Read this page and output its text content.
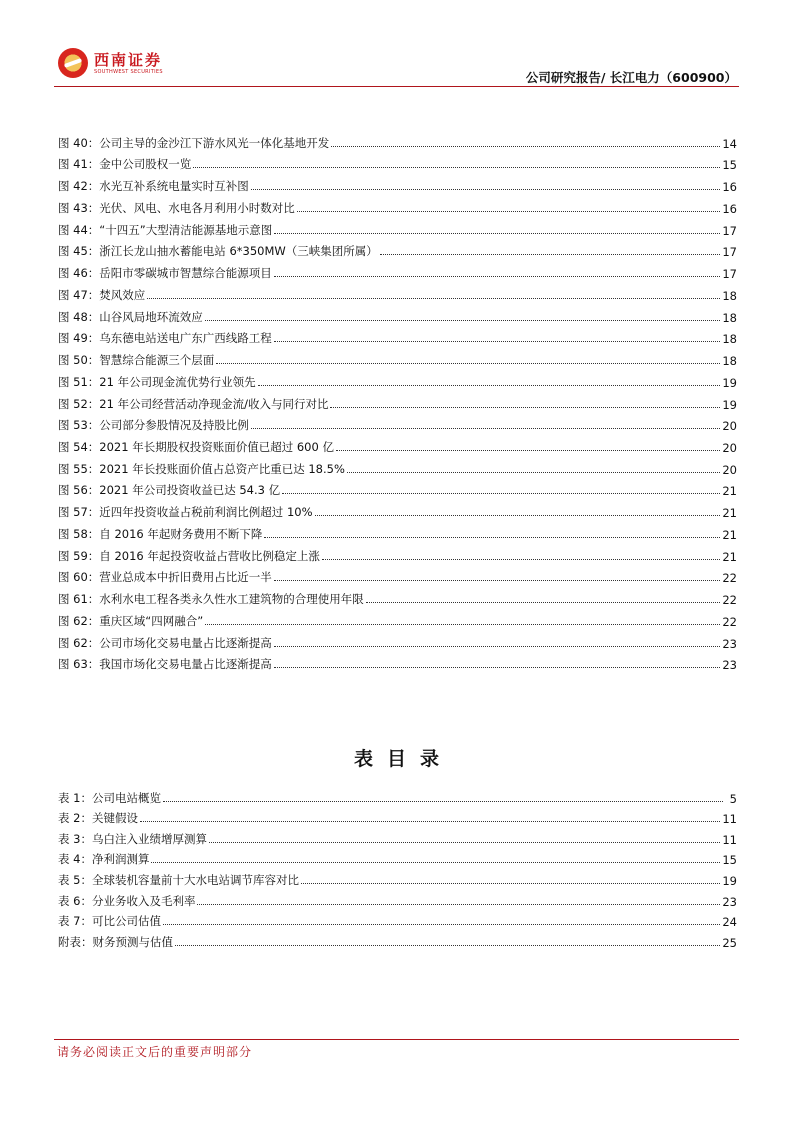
西南证券
SOUTHWEST SECURITIES	公司研究报告/ 长江电力（600900）
图 40：公司主导的金沙江下游水风光一体化基地开发	14
图 41：金中公司股权一览	15
图 42：水光互补系统电量实时互补图	16
图 43：光伏、风电、水电各月利用小时数对比	16
图 44：“十四五”大型清洁能源基地示意图	17
图 45：浙江长龙山抽水蓄能电站 6*350MW（三峡集团所属）	17
图 46：岳阳市零碳城市智慧综合能源项目	17
图 47：焚风效应	18
图 48：山谷风局地环流效应	18
图 49：乌东德电站送电广东广西线路工程	18
图 50：智慧综合能源三个层面	18
图 51：21 年公司现金流优势行业领先	19
图 52：21 年公司经营活动净现金流/收入与同行对比	19
图 53：公司部分参股情况及持股比例	20
图 54：2021 年长期股权投资账面价值已超过 600 亿	20
图 55：2021 年长投账面价值占总资产比重已达 18.5%	20
图 56：2021 年公司投资收益已达 54.3 亿	21
图 57：近四年投资收益占税前利润比例超过 10%	21
图 58：自 2016 年起财务费用不断下降	21
图 59：自 2016 年起投资收益占营收比例稳定上涨	21
图 60：营业总成本中折旧费用占比近一半	22
图 61：水利水电工程各类永久性水工建筑物的合理使用年限	22
图 62：重庆区域“四网融合”	22
图 62：公司市场化交易电量占比逐渐提高	23
图 63：我国市场化交易电量占比逐渐提高	23
表目录
表 1：公司电站概览	5
表 2：关键假设	11
表 3：乌白注入业绩增厚测算	11
表 4：净利润测算	15
表 5：全球装机容量前十大水电站调节库容对比	19
表 6：分业务收入及毛利率	23
表 7：可比公司估值	24
附表：财务预测与估值	25
请务必阅读正文后的重要声明部分
